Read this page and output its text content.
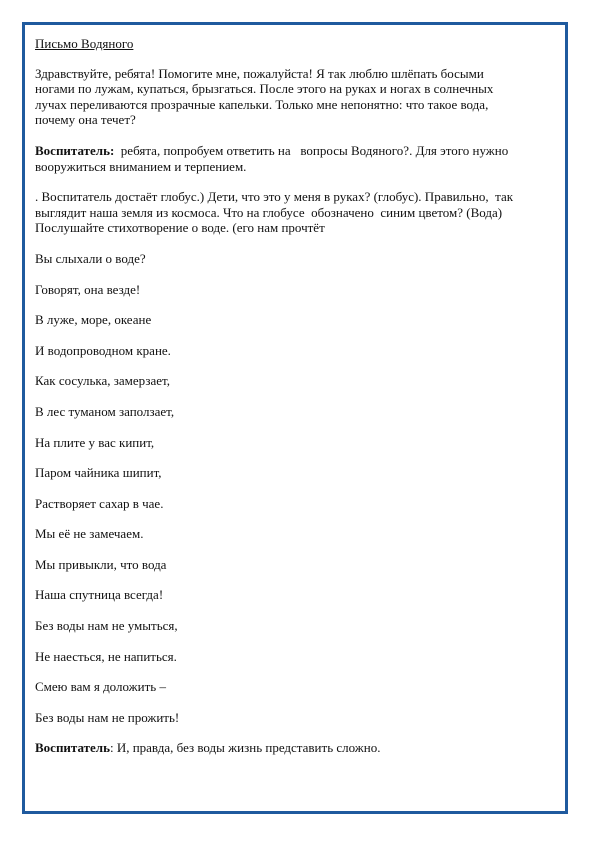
Письмо Водяного

Здравствуйте, ребята! Помогите мне, пожалуйста! Я так люблю шлёпать босыми

ногами по лужам, купаться, брызгаться. После этого на руках и ногах в солнечных

лучах переливаются прозрачные капельки. Только мне непонятно: что такое вода,

почему она течет?

Воспитатель:  ребята, попробуем ответить на   вопросы Водяного?. Для этого нужно

вооружиться вниманием и терпением.

. Воспитатель достаёт глобус.) Дети, что это у меня в руках? (глобус). Правильно,  так

выглядит наша земля из космоса. Что на глобусе  обозначено  синим цветом? (Вода)

Послушайте стихотворение о воде. (его нам прочтёт

Вы слыхали о воде?

Говорят, она везде!

В луже, море, океане

И водопроводном кране.

Как сосулька, замерзает,

В лес туманом заползает,

На плите у вас кипит,

Паром чайника шипит,

Растворяет сахар в чае.

Мы её не замечаем.

Мы привыкли, что вода

Наша спутница всегда!

Без воды нам не умыться,

Не наесться, не напиться.

Смею вам я доложить –

Без воды нам не прожить!

Воспитатель: И, правда, без воды жизнь представить сложно.
